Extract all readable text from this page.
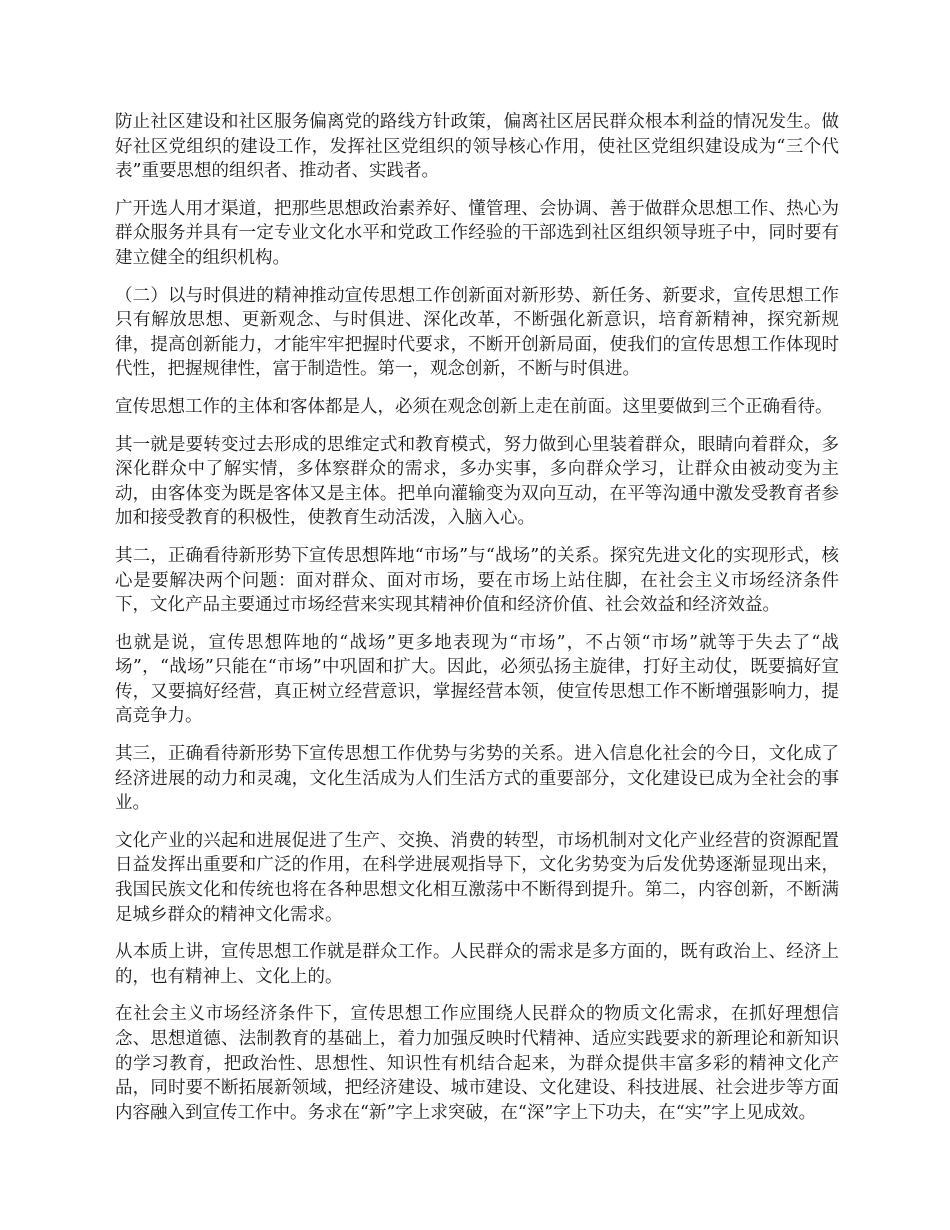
防止社区建设和社区服务偏离党的路线方针政策，偏离社区居民群众根本利益的情况发生。做好社区党组织的建设工作，发挥社区党组织的领导核心作用，使社区党组织建设成为“三个代表”重要思想的组织者、推动者、实践者。

广开选人用才渠道，把那些思想政治素养好、懂管理、会协调、善于做群众思想工作、热心为群众服务并具有一定专业文化水平和党政工作经验的干部选到社区组织领导班子中，同时要有建立健全的组织机构。

（二）以与时俱进的精神推动宣传思想工作创新面对新形势、新任务、新要求，宣传思想工作只有解放思想、更新观念、与时俱进、深化改革，不断强化新意识，培育新精神，探究新规律，提高创新能力，才能牢牢把握时代要求，不断开创新局面，使我们的宣传思想工作体现时代性，把握规律性，富于制造性。第一，观念创新，不断与时俱进。

宣传思想工作的主体和客体都是人，必须在观念创新上走在前面。这里要做到三个正确看待。

其一就是要转变过去形成的思维定式和教育模式，努力做到心里装着群众，眼睛向着群众，多深化群众中了解实情，多体察群众的需求，多办实事，多向群众学习，让群众由被动变为主动，由客体变为既是客体又是主体。把单向灌输变为双向互动，在平等沟通中激发受教育者参加和接受教育的积极性，使教育生动活泼，入脑入心。

其二，正确看待新形势下宣传思想阵地“市场”与“战场”的关系。探究先进文化的实现形式，核心是要解决两个问题：面对群众、面对市场，要在市场上站住脚，在社会主义市场经济条件下，文化产品主要通过市场经营来实现其精神价值和经济价值、社会效益和经济效益。

也就是说，宣传思想阵地的“战场”更多地表现为“市场”，不占领“市场”就等于失去了“战场”，“战场”只能在“市场”中巩固和扩大。因此，必须弘扬主旋律，打好主动仗，既要搞好宣传，又要搞好经营，真正树立经营意识，掌握经营本领，使宣传思想工作不断增强影响力，提高竞争力。

其三，正确看待新形势下宣传思想工作优势与劣势的关系。进入信息化社会的今日，文化成了经济进展的动力和灵魂，文化生活成为人们生活方式的重要部分，文化建设已成为全社会的事业。

文化产业的兴起和进展促进了生产、交换、消费的转型，市场机制对文化产业经营的资源配置日益发挥出重要和广泛的作用，在科学进展观指导下，文化劣势变为后发优势逐渐显现出来，我国民族文化和传统也将在各种思想文化相互激荡中不断得到提升。第二，内容创新，不断满足城乡群众的精神文化需求。

从本质上讲，宣传思想工作就是群众工作。人民群众的需求是多方面的，既有政治上、经济上的，也有精神上、文化上的。

在社会主义市场经济条件下，宣传思想工作应围绕人民群众的物质文化需求，在抓好理想信念、思想道德、法制教育的基础上，着力加强反映时代精神、适应实践要求的新理论和新知识的学习教育，把政治性、思想性、知识性有机结合起来，为群众提供丰富多彩的精神文化产品，同时要不断拓展新领域，把经济建设、城市建设、文化建设、科技进展、社会进步等方面内容融入到宣传工作中。务求在“新”字上求突破，在“深”字上下功夫，在“实”字上见成效。
